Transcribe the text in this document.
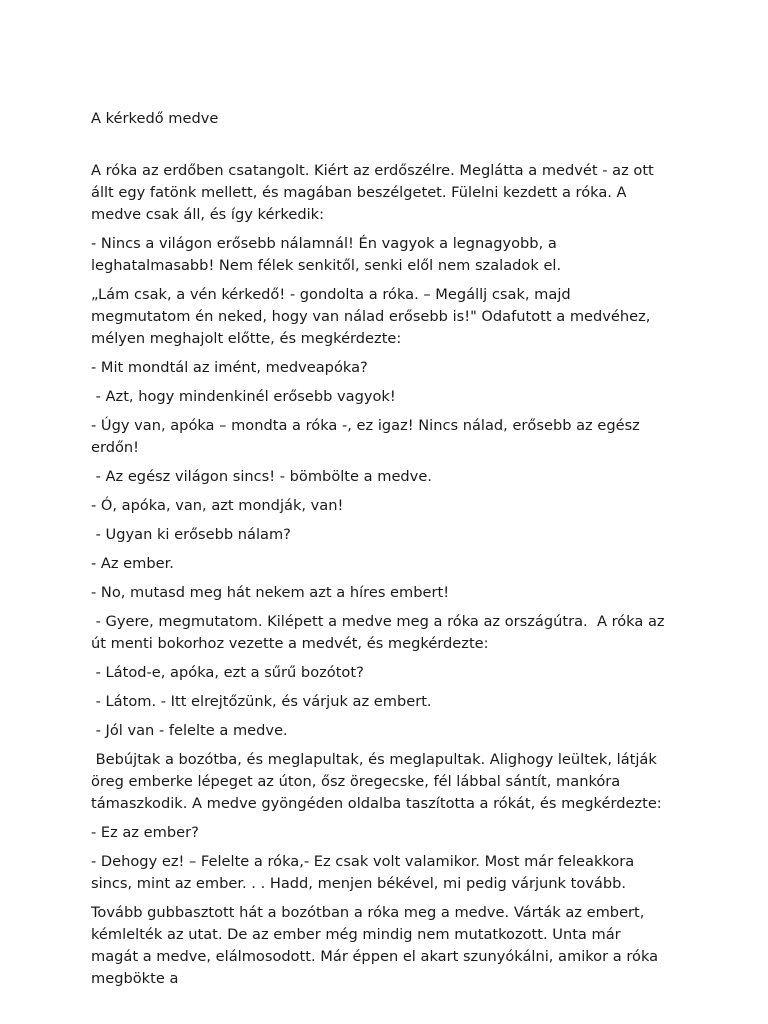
A kérkedő medve

A róka az erdőben csatangolt. Kiért az erdőszélre. Meglátta a medvét - az ott állt egy fatönk mellett, és magában beszélgetet. Fülelni kezdett a róka. A medve csak áll, és így kérkedik:

- Nincs a világon erősebb nálamnál! Én vagyok a legnagyobb, a leghatalmasabb! Nem félek senkitől, senki elől nem szaladok el.

„Lám csak, a vén kérkedő! - gondolta a róka. – Megállj csak, majd megmutatom én neked, hogy van nálad erősebb is!" Odafutott a medvéhez, mélyen meghajolt előtte, és megkérdezte:

- Mit mondtál az imént, medveapóka?

- Azt, hogy mindenkinél erősebb vagyok!

- Úgy van, apóka – mondta a róka -, ez igaz! Nincs nálad, erősebb az egész erdőn!

- Az egész világon sincs! - bömbölte a medve.

- Ó, apóka, van, azt mondják, van!

- Ugyan ki erősebb nálam?

- Az ember.

- No, mutasd meg hát nekem azt a híres embert!

- Gyere, megmutatom. Kilépett a medve meg a róka az országútra.  A róka az út menti bokorhoz vezette a medvét, és megkérdezte:

- Látod-e, apóka, ezt a sűrű bozótot?

- Látom. - Itt elrejtőzünk, és várjuk az embert.

- Jól van - felelte a medve.

Bebújtak a bozótba, és meglapultak, és meglapultak. Alighogy leültek, látják öreg emberke lépeget az úton, ősz öregecske, fél lábbal sántít, mankóra támaszkodik. A medve gyöngéden oldalba taszította a rókát, és megkérdezte:

- Ez az ember?

- Dehogy ez! – Felelte a róka,- Ez csak volt valamikor. Most már feleakkora sincs, mint az ember. . . Hadd, menjen békével, mi pedig várjunk tovább.

Tovább gubbasztott hát a bozótban a róka meg a medve. Várták az embert, kémlelték az utat. De az ember még mindig nem mutatkozott. Unta már magát a medve, elálmosodott. Már éppen el akart szunyókálni, amikor a róka megbökte a
